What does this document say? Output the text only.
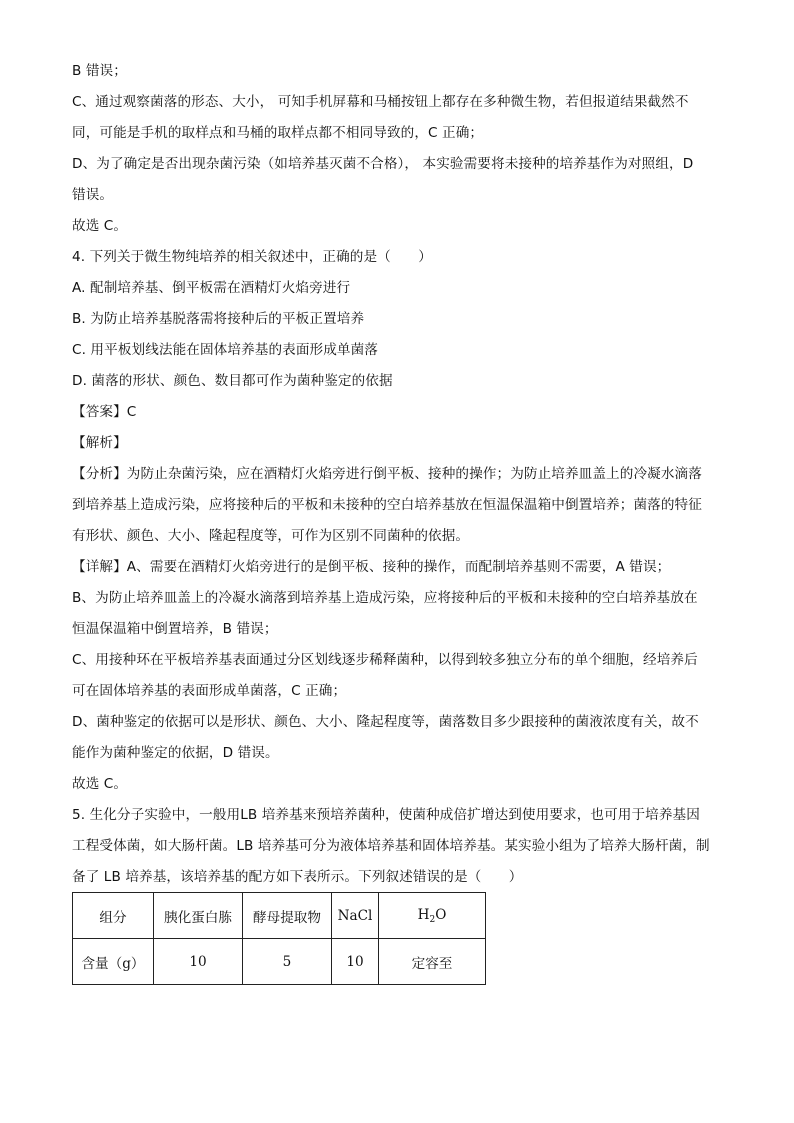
B 错误；
C、通过观察菌落的形态、大小， 可知手机屏幕和马桶按钮上都存在多种微生物，若但报道结果截然不
同，可能是手机的取样点和马桶的取样点都不相同导致的，C 正确；
D、为了确定是否出现杂菌污染（如培养基灭菌不合格）， 本实验需要将未接种的培养基作为对照组，D
错误。
故选 C。
4. 下列关于微生物纯培养的相关叙述中，正确的是（　　）
A. 配制培养基、倒平板需在酒精灯火焰旁进行
B. 为防止培养基脱落需将接种后的平板正置培养
C. 用平板划线法能在固体培养基的表面形成单菌落
D. 菌落的形状、颜色、数目都可作为菌种鉴定的依据
【答案】C
【解析】
【分析】为防止杂菌污染，应在酒精灯火焰旁进行倒平板、接种的操作；为防止培养皿盖上的冷凝水滴落
到培养基上造成污染，应将接种后的平板和未接种的空白培养基放在恒温保温箱中倒置培养；菌落的特征
有形状、颜色、大小、隆起程度等，可作为区别不同菌种的依据。
【详解】A、需要在酒精灯火焰旁进行的是倒平板、接种的操作，而配制培养基则不需要，A 错误；
B、为防止培养皿盖上的冷凝水滴落到培养基上造成污染，应将接种后的平板和未接种的空白培养基放在
恒温保温箱中倒置培养，B 错误；
C、用接种环在平板培养基表面通过分区划线逐步稀释菌种，以得到较多独立分布的单个细胞，经培养后
可在固体培养基的表面形成单菌落，C 正确；
D、菌种鉴定的依据可以是形状、颜色、大小、隆起程度等，菌落数目多少跟接种的菌液浓度有关，故不
能作为菌种鉴定的依据，D 错误。
故选 C。
5. 生化分子实验中，一般用LB 培养基来预培养菌种，使菌种成倍扩增达到使用要求，也可用于培养基因
工程受体菌，如大肠杆菌。LB 培养基可分为液体培养基和固体培养基。某实验小组为了培养大肠杆菌，制
备了 LB 培养基，该培养基的配方如下表所示。下列叙述错误的是（　　）
组分	胰化蛋白胨	酵母提取物	NaCl	$H_2O$
含量（g）	10	5	10	定容至
